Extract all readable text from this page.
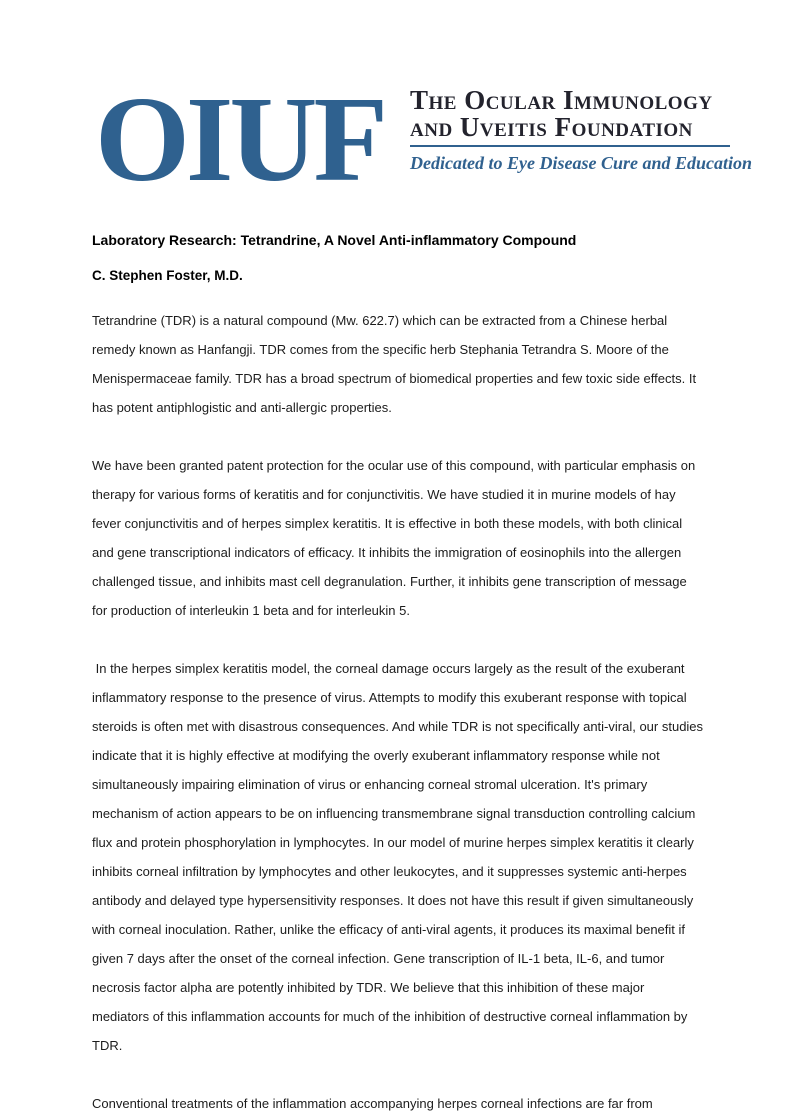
OIUF The Ocular Immunology
and Uveitis Foundation
Dedicated to Eye Disease Cure and Education
Laboratory Research: Tetrandrine, A Novel Anti-inflammatory Compound
C. Stephen Foster, M.D.

Tetrandrine (TDR) is a natural compound (Mw. 622.7) which can be extracted from a Chinese herbal remedy known as Hanfangji. TDR comes from the specific herb Stephania Tetrandra S. Moore of the Menispermaceae family. TDR has a broad spectrum of biomedical properties and few toxic side effects. It has potent antiphlogistic and anti-allergic properties.

We have been granted patent protection for the ocular use of this compound, with particular emphasis on therapy for various forms of keratitis and for conjunctivitis. We have studied it in murine models of hay fever conjunctivitis and of herpes simplex keratitis. It is effective in both these models, with both clinical and gene transcriptional indicators of efficacy. It inhibits the immigration of eosinophils into the allergen challenged tissue, and inhibits mast cell degranulation. Further, it inhibits gene transcription of message for production of interleukin 1 beta and for interleukin 5.

In the herpes simplex keratitis model, the corneal damage occurs largely as the result of the exuberant inflammatory response to the presence of virus. Attempts to modify this exuberant response with topical steroids is often met with disastrous consequences. And while TDR is not specifically anti-viral, our studies indicate that it is highly effective at modifying the overly exuberant inflammatory response while not simultaneously impairing elimination of virus or enhancing corneal stromal ulceration. It's primary mechanism of action appears to be on influencing transmembrane signal transduction controlling calcium flux and protein phosphorylation in lymphocytes. In our model of murine herpes simplex keratitis it clearly inhibits corneal infiltration by lymphocytes and other leukocytes, and it suppresses systemic anti-herpes antibody and delayed type hypersensitivity responses. It does not have this result if given simultaneously with corneal inoculation. Rather, unlike the efficacy of anti-viral agents, it produces its maximal benefit if given 7 days after the onset of the corneal infection. Gene transcription of IL-1 beta, IL-6, and tumor necrosis factor alpha are potently inhibited by TDR. We believe that this inhibition of these major mediators of this inflammation accounts for much of the inhibition of destructive corneal inflammation by TDR.

Conventional treatments of the inflammation accompanying herpes corneal infections are far from
